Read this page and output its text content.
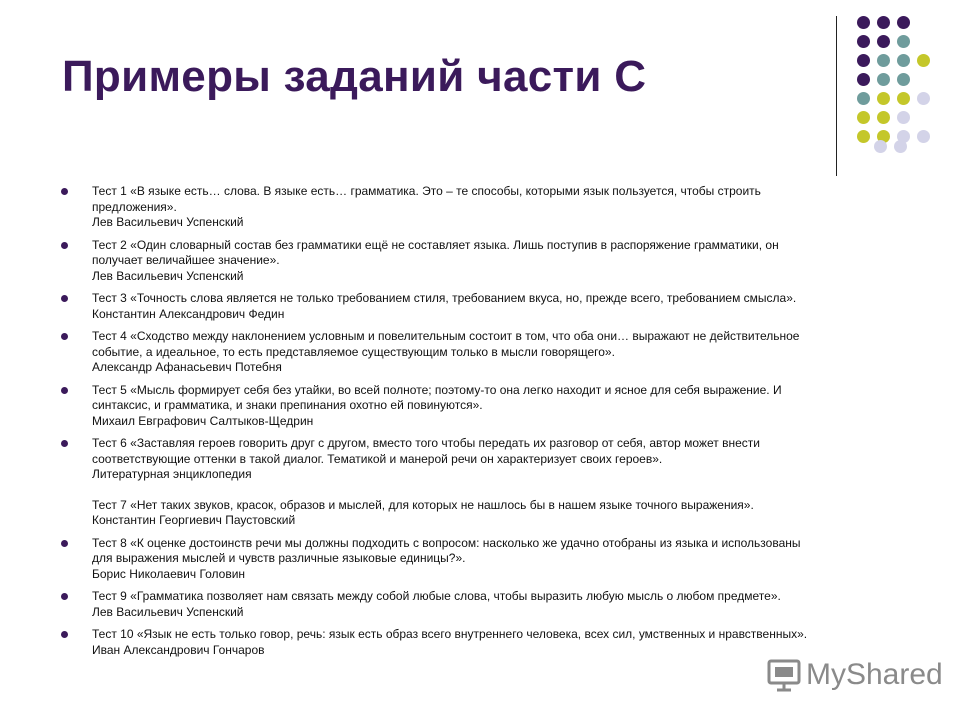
Примеры заданий части С
Тест 1 «В языке есть… слова. В языке есть… грамматика. Это – те способы, которыми язык пользуется, чтобы строить
предложения».
Лев Васильевич Успенский
Тест 2 «Один словарный состав без грамматики ещё не составляет языка. Лишь поступив в распоряжение грамматики, он
получает величайшее значение».
Лев Васильевич Успенский
Тест 3 «Точность слова является не только требованием стиля, требованием вкуса, но, прежде всего, требованием смысла».
Константин Александрович Федин
Тест 4 «Сходство между наклонением условным и повелительным состоит в том, что оба они… выражают не действительное
событие, а идеальное, то есть представляемое существующим только в мысли говорящего».
Александр Афанасьевич Потебня
Тест 5 «Мысль формирует себя без утайки, во всей полноте; поэтому-то она легко находит и ясное для себя выражение. И
синтаксис, и грамматика, и знаки препинания охотно ей повинуются».
Михаил Евграфович Салтыков-Щедрин
Тест 6 «Заставляя героев говорить друг с другом, вместо того чтобы передать их разговор от себя, автор может внести
соответствующие оттенки в такой диалог. Тематикой и манерой речи он характеризует своих героев».
Литературная энциклопедия
Тест 7 «Нет таких звуков, красок, образов и мыслей, для которых не нашлось бы в нашем языке точного выражения».
Константин Георгиевич Паустовский
Тест 8 «К оценке достоинств речи мы должны подходить с вопросом: насколько же удачно отобраны из языка и использованы
для выражения мыслей и чувств различные языковые единицы?».
Борис Николаевич Головин
Тест 9 «Грамматика позволяет нам связать между собой любые слова, чтобы выразить любую мысль о любом предмете».
Лев Васильевич Успенский
Тест 10 «Язык не есть только говор, речь: язык есть образ всего внутреннего человека, всех сил, умственных и нравственных».
Иван Александрович Гончаров
MyShared
